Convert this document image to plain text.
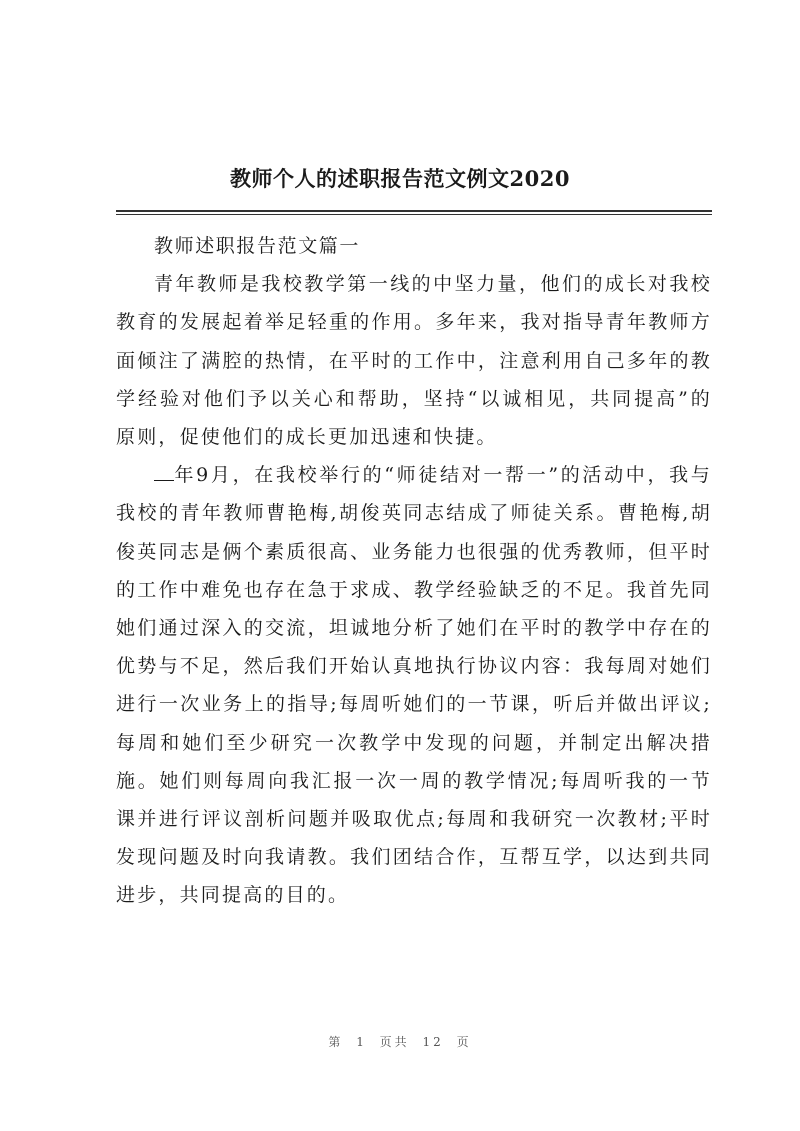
教师个人的述职报告范文例文2020

教师述职报告范文篇一

青年教师是我校教学第一线的中坚力量，他们的成长对我校教育的发展起着举足轻重的作用。多年来，我对指导青年教师方面倾注了满腔的热情，在平时的工作中，注意利用自己多年的教学经验对他们予以关心和帮助，坚持“以诚相见，共同提高”的原则，促使他们的成长更加迅速和快捷。

年9月，在我校举行的“师徒结对一帮一”的活动中，我与我校的青年教师曹艳梅,胡俊英同志结成了师徒关系。曹艳梅,胡俊英同志是俩个素质很高、业务能力也很强的优秀教师，但平时的工作中难免也存在急于求成、教学经验缺乏的不足。我首先同她们通过深入的交流，坦诚地分析了她们在平时的教学中存在的优势与不足，然后我们开始认真地执行协议内容：我每周对她们进行一次业务上的指导;每周听她们的一节课，听后并做出评议;每周和她们至少研究一次教学中发现的问题，并制定出解决措施。她们则每周向我汇报一次一周的教学情况;每周听我的一节课并进行评议剖析问题并吸取优点;每周和我研究一次教材;平时发现问题及时向我请教。我们团结合作，互帮互学，以达到共同进步，共同提高的目的。

第 1 页共 12 页
